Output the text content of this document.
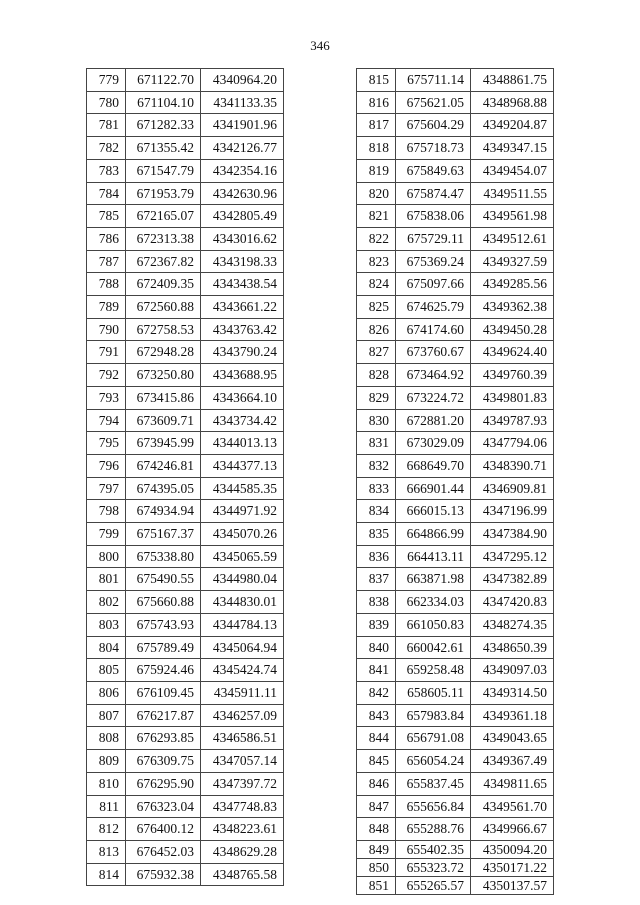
346
779	671122.70	4340964.20
780	671104.10	4341133.35
781	671282.33	4341901.96
782	671355.42	4342126.77
783	671547.79	4342354.16
784	671953.79	4342630.96
785	672165.07	4342805.49
786	672313.38	4343016.62
787	672367.82	4343198.33
788	672409.35	4343438.54
789	672560.88	4343661.22
790	672758.53	4343763.42
791	672948.28	4343790.24
792	673250.80	4343688.95
793	673415.86	4343664.10
794	673609.71	4343734.42
795	673945.99	4344013.13
796	674246.81	4344377.13
797	674395.05	4344585.35
798	674934.94	4344971.92
799	675167.37	4345070.26
800	675338.80	4345065.59
801	675490.55	4344980.04
802	675660.88	4344830.01
803	675743.93	4344784.13
804	675789.49	4345064.94
805	675924.46	4345424.74
806	676109.45	4345911.11
807	676217.87	4346257.09
808	676293.85	4346586.51
809	676309.75	4347057.14
810	676295.90	4347397.72
811	676323.04	4347748.83
812	676400.12	4348223.61
813	676452.03	4348629.28
814	675932.38	4348765.58
815	675711.14	4348861.75
816	675621.05	4348968.88
817	675604.29	4349204.87
818	675718.73	4349347.15
819	675849.63	4349454.07
820	675874.47	4349511.55
821	675838.06	4349561.98
822	675729.11	4349512.61
823	675369.24	4349327.59
824	675097.66	4349285.56
825	674625.79	4349362.38
826	674174.60	4349450.28
827	673760.67	4349624.40
828	673464.92	4349760.39
829	673224.72	4349801.83
830	672881.20	4349787.93
831	673029.09	4347794.06
832	668649.70	4348390.71
833	666901.44	4346909.81
834	666015.13	4347196.99
835	664866.99	4347384.90
836	664413.11	4347295.12
837	663871.98	4347382.89
838	662334.03	4347420.83
839	661050.83	4348274.35
840	660042.61	4348650.39
841	659258.48	4349097.03
842	658605.11	4349314.50
843	657983.84	4349361.18
844	656791.08	4349043.65
845	656054.24	4349367.49
846	655837.45	4349811.65
847	655656.84	4349561.70
848	655288.76	4349966.67
849	655402.35	4350094.20
850	655323.72	4350171.22
851	655265.57	4350137.57
